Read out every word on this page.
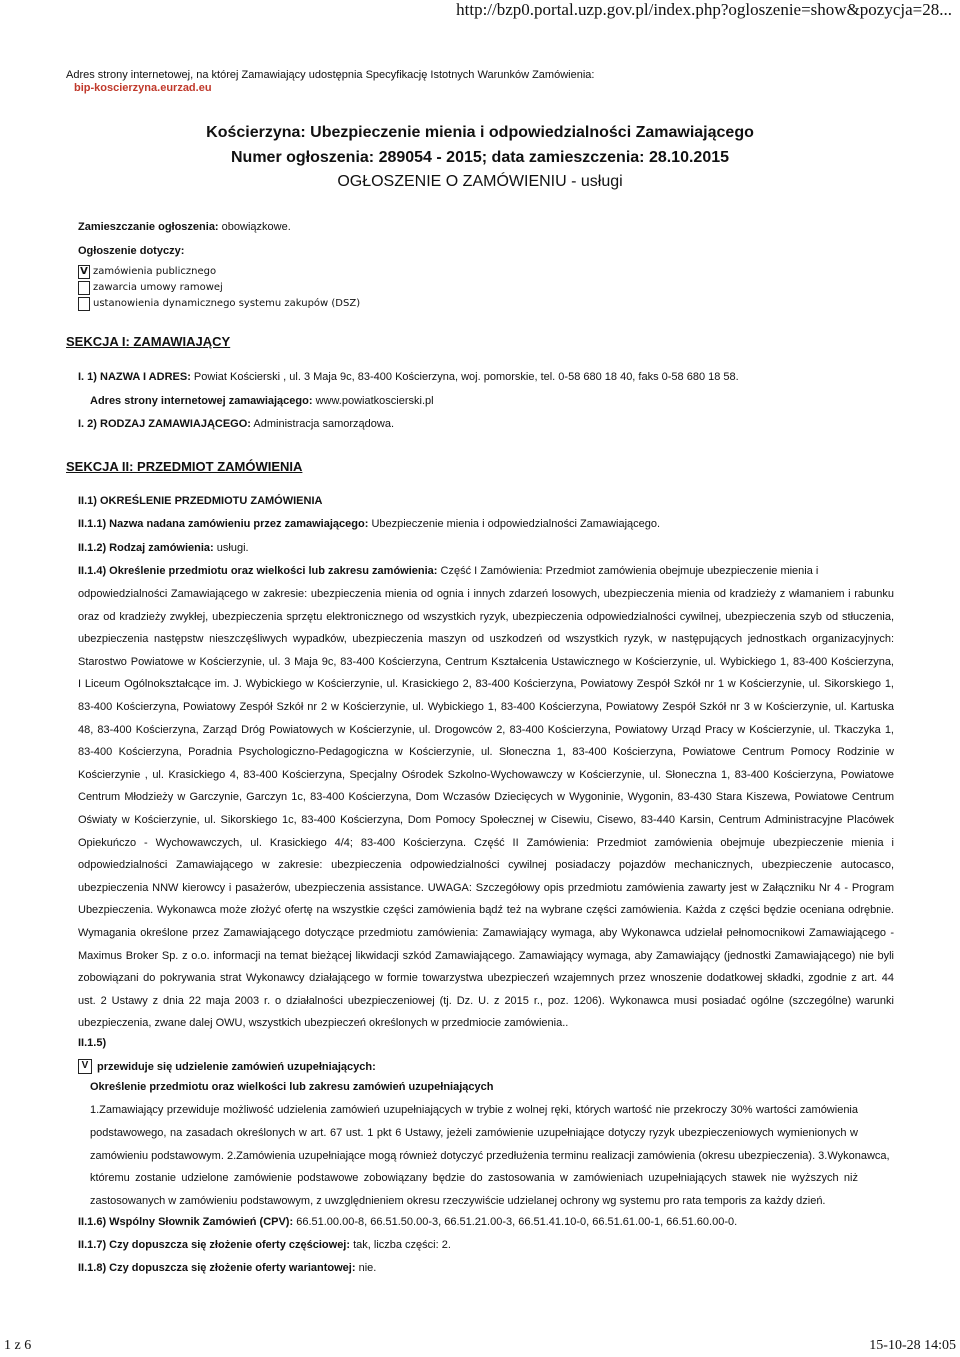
http://bzp0.portal.uzp.gov.pl/index.php?ogloszenie=show&pozycja=28...
Adres strony internetowej, na której Zamawiający udostępnia Specyfikację Istotnych Warunków Zamówienia:
bip-koscierzyna.eurzad.eu
Kościerzyna: Ubezpieczenie mienia i odpowiedzialności Zamawiającego
Numer ogłoszenia: 289054 - 2015; data zamieszczenia: 28.10.2015
OGŁOSZENIE O ZAMÓWIENIU - usługi
Zamieszczanie ogłoszenia: obowiązkowe.
Ogłoszenie dotyczy:
V zamówienia publicznego
zawarcia umowy ramowej
ustanowienia dynamicznego systemu zakupów (DSZ)
SEKCJA I: ZAMAWIAJĄCY
I. 1) NAZWA I ADRES: Powiat Kościerski , ul. 3 Maja 9c, 83-400 Kościerzyna, woj. pomorskie, tel. 0-58 680 18 40, faks 0-58 680 18 58.
Adres strony internetowej zamawiającego: www.powiatkoscierski.pl
I. 2) RODZAJ ZAMAWIAJĄCEGO: Administracja samorządowa.
SEKCJA II: PRZEDMIOT ZAMÓWIENIA
II.1) OKREŚLENIE PRZEDMIOTU ZAMÓWIENIA
II.1.1) Nazwa nadana zamówieniu przez zamawiającego: Ubezpieczenie mienia i odpowiedzialności Zamawiającego.
II.1.2) Rodzaj zamówienia: usługi.
II.1.4) Określenie przedmiotu oraz wielkości lub zakresu zamówienia: Część I Zamówienia: Przedmiot zamówienia obejmuje ubezpieczenie mienia i
odpowiedzialności Zamawiającego w zakresie: ubezpieczenia mienia od ognia i innych zdarzeń losowych, ubezpieczenia mienia od kradzieży z włamaniem i rabunku
oraz od kradzieży zwykłej, ubezpieczenia sprzętu elektronicznego od wszystkich ryzyk, ubezpieczenia odpowiedzialności cywilnej, ubezpieczenia szyb od stłuczenia,
ubezpieczenia następstw nieszczęśliwych wypadków, ubezpieczenia maszyn od uszkodzeń od wszystkich ryzyk, w następujących jednostkach organizacyjnych:
Starostwo Powiatowe w Kościerzynie, ul. 3 Maja 9c, 83-400 Kościerzyna, Centrum Kształcenia Ustawicznego w Kościerzynie, ul. Wybickiego 1, 83-400 Kościerzyna,
I Liceum Ogólnokształcące im. J. Wybickiego w Kościerzynie, ul. Krasickiego 2, 83-400 Kościerzyna, Powiatowy Zespół Szkół nr 1 w Kościerzynie, ul. Sikorskiego 1,
83-400 Kościerzyna, Powiatowy Zespół Szkół nr 2 w Kościerzynie, ul. Wybickiego 1, 83-400 Kościerzyna, Powiatowy Zespół Szkół nr 3 w Kościerzynie, ul. Kartuska
48, 83-400 Kościerzyna, Zarząd Dróg Powiatowych w Kościerzynie, ul. Drogowców 2, 83-400 Kościerzyna, Powiatowy Urząd Pracy w Kościerzynie, ul. Tkaczyka 1,
83-400 Kościerzyna, Poradnia Psychologiczno-Pedagogiczna w Kościerzynie, ul. Słoneczna 1, 83-400 Kościerzyna, Powiatowe Centrum Pomocy Rodzinie w
Kościerzynie , ul. Krasickiego 4, 83-400 Kościerzyna, Specjalny Ośrodek Szkolno-Wychowawczy w Kościerzynie, ul. Słoneczna 1, 83-400 Kościerzyna, Powiatowe
Centrum Młodzieży w Garczynie, Garczyn 1c, 83-400 Kościerzyna, Dom Wczasów Dziecięcych w Wygoninie, Wygonin, 83-430 Stara Kiszewa, Powiatowe Centrum
Oświaty w Kościerzynie, ul. Sikorskiego 1c, 83-400 Kościerzyna, Dom Pomocy Społecznej w Cisewiu, Cisewo, 83-440 Karsin, Centrum Administracyjne Placówek
Opiekuńczo - Wychowawczych, ul. Krasickiego 4/4; 83-400 Kościerzyna. Część II Zamówienia: Przedmiot zamówienia obejmuje ubezpieczenie mienia i
odpowiedzialności Zamawiającego w zakresie: ubezpieczenia odpowiedzialności cywilnej posiadaczy pojazdów mechanicznych, ubezpieczenie autocasco,
ubezpieczenia NNW kierowcy i pasażerów, ubezpieczenia assistance. UWAGA: Szczegółowy opis przedmiotu zamówienia zawarty jest w Załączniku Nr 4 - Program
Ubezpieczenia. Wykonawca może złożyć ofertę na wszystkie części zamówienia bądź też na wybrane części zamówienia. Każda z części będzie oceniana odrębnie.
Wymagania określone przez Zamawiającego dotyczące przedmiotu zamówienia: Zamawiający wymaga, aby Wykonawca udzielał pełnomocnikowi Zamawiającego -
Maximus Broker Sp. z o.o. informacji na temat bieżącej likwidacji szkód Zamawiającego. Zamawiający wymaga, aby Zamawiający (jednostki Zamawiającego) nie byli
zobowiązani do pokrywania strat Wykonawcy działającego w formie towarzystwa ubezpieczeń wzajemnych przez wnoszenie dodatkowej składki, zgodnie z art. 44
ust. 2 Ustawy z dnia 22 maja 2003 r. o działalności ubezpieczeniowej (tj. Dz. U. z 2015 r., poz. 1206). Wykonawca musi posiadać ogólne (szczególne) warunki
ubezpieczenia, zwane dalej OWU, wszystkich ubezpieczeń określonych w przedmiocie zamówienia..
II.1.5)
V przewiduje się udzielenie zamówień uzupełniających:
Określenie przedmiotu oraz wielkości lub zakresu zamówień uzupełniających
1.Zamawiający przewiduje możliwość udzielenia zamówień uzupełniających w trybie z wolnej ręki, których wartość nie przekroczy 30% wartości zamówienia
podstawowego, na zasadach określonych w art. 67 ust. 1 pkt 6 Ustawy, jeżeli zamówienie uzupełniające dotyczy ryzyk ubezpieczeniowych wymienionych w
zamówieniu podstawowym. 2.Zamówienia uzupełniające mogą również dotyczyć przedłużenia terminu realizacji zamówienia (okresu ubezpieczenia). 3.Wykonawca,
któremu zostanie udzielone zamówienie podstawowe zobowiązany będzie do zastosowania w zamówieniach uzupełniających stawek nie wyższych niż
zastosowanych w zamówieniu podstawowym, z uwzględnieniem okresu rzeczywiście udzielanej ochrony wg systemu pro rata temporis za każdy dzień.
II.1.6) Wspólny Słownik Zamówień (CPV): 66.51.00.00-8, 66.51.50.00-3, 66.51.21.00-3, 66.51.41.10-0, 66.51.61.00-1, 66.51.60.00-0.
II.1.7) Czy dopuszcza się złożenie oferty częściowej: tak, liczba części: 2.
II.1.8) Czy dopuszcza się złożenie oferty wariantowej: nie.
1 z 6	15-10-28 14:05
